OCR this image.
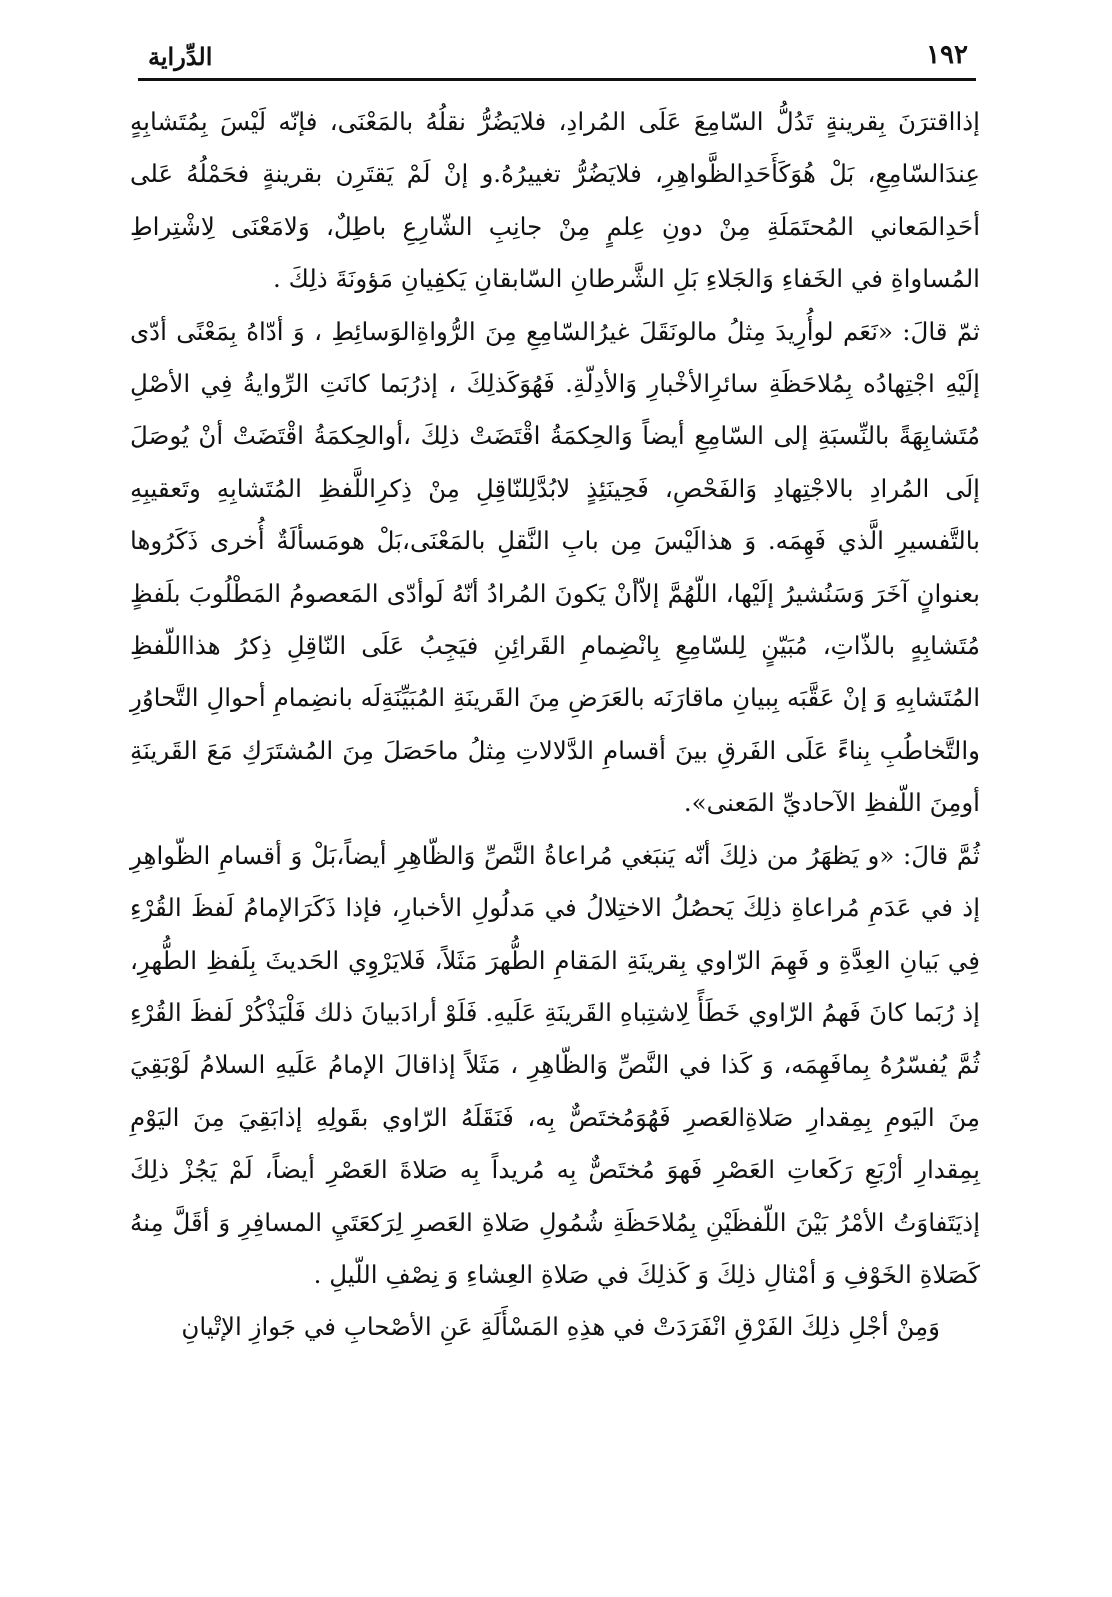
١٩٢
الدِّراية

إذااقترَنَ بِقرينةٍ تَدُلُّ السّامِعَ عَلَى المُرادِ، فلايَضُرُّ نقلُهُ بالمَعْنَى، فإنّه لَيْسَ بِمُتَشابِهٍ عِندَالسّامِعِ، بَلْ هُوَكَأَحَدِالظَّواهِرِ، فلايَضُرُّ تغييرُهُ.و إنْ لَمْ يَقتَرِن بقرينةٍ فحَمْلُهُ عَلى أحَدِالمَعاني المُحتَمَلَةِ مِنْ دونِ عِلمٍ مِنْ جانِبِ الشّارِعِ باطِلٌ، وَلامَعْنَى لِاشْتِراطِ المُساواةِ في الخَفاءِ وَالجَلاءِ بَلِ الشَّرطانِ السّابقانِ يَكفِيانِ مَؤونَةَ ذلِكَ .

ثمّ قالَ: «نَعَم لوأُرِيدَ مِثلُ مالونَقَلَ غيرُالسّامِعِ مِنَ الرُّواةِالوَسائِطِ ، وَ أدّاهُ بِمَعْنًى أدّى إلَيْهِ اجْتِهادُه بِمُلاحَظَةِ سائرِالأخْبارِ وَالأدِلّةِ. فَهُوَكَذلِكَ ، إذرُبَما كانَتِ الرِّوايةُ فِي الأصْلِ مُتَشابِهَةً بالنِّسبَةِ إلى السّامِعِ أيضاً وَالحِكمَةُ اقْتَضَتْ ذلِكَ ،أوالحِكمَةُ اقْتَضَتْ أنْ يُوصَلَ إلَى المُرادِ بالاجْتِهادِ وَالفَحْصِ، فَحِينَئِذٍ لابُدَّلِلنّاقِلِ مِنْ ذِكرِاللَّفظِ المُتَشابِهِ وتَعقيبِهِ بالتَّفسيرِ الَّذي فَهِمَه. وَ هذالَيْسَ مِن بابِ النَّقلِ بالمَعْنَى،بَلْ هومَسألَةٌ أُخرى ذَكَرُوها بعنوانٍ آخَرَ وَسَنُشيرُ إلَيْها، اللّهُمَّ إلاّأنْ يَكونَ المُرادُ أنّهُ لَوأدّى المَعصومُ المَطْلُوبَ بلَفظٍ مُتَشابِهٍ بالذّاتِ، مُبَيّنٍ لِلسّامِعِ بِانْضِمامِ القَرائِنِ فيَجِبُ عَلَى النّاقِلِ ذِكرُ هذااللّفظِ المُتَشابِهِ وَ إنْ عَقَّبَه بِبيانِ ماقارَنَه بالعَرَضِ مِنَ القَرينَةِ المُبَيِّنَةِلَه بانضِمامِ أحوالِ التَّحاوُرِ والتَّخاطُبِ بِناءً عَلَى الفَرقِ بينَ أقسامِ الدَّلالاتِ مِثلُ ماحَصَلَ مِنَ المُشتَرَكِ مَعَ القَرينَةِ أومِنَ اللّفظِ الآحاديِّ المَعنى».

ثُمَّ قالَ: «و يَظهَرُ من ذلِكَ أنّه يَنبَغي مُراعاةُ النَّصِّ وَالظّاهِرِ أيضاً،بَلْ وَ أقسامِ الظّواهِرِ إذ في عَدَمِ مُراعاةِ ذلِكَ يَحصُلُ الاختِلالُ في مَدلُولِ الأخبارِ، فإذا ذَكَرَالإمامُ لَفظَ القُرْءِ فِي بَيانِ العِدَّةِ و فَهِمَ الرّاوي بِقرينَةِ المَقامِ الطُّهرَ مَثَلاً، فَلايَرْوِي الحَديثَ بِلَفظِ الطُّهرِ، إذ رُبَما كانَ فَهمُ الرّاوي خَطَأً لِاشتِباهِ القَرينَةِ عَلَيهِ. فَلَوْ أرادَبيانَ ذلك فَلْيَذْكُرْ لَفظَ القُرْءِ ثُمَّ يُفسّرُهُ بِمافَهِمَه، وَ كَذا في النَّصِّ وَالظّاهِرِ ، مَثَلاً إذاقالَ الإمامُ عَلَيهِ السلامُ لَوْبَقِيَ مِنَ اليَومِ بِمِقدارِ صَلاةِالعَصرِ فَهُوَمُختَصٌّ بِه، فَنَقَلَهُ الرّاوي بقَولِهِ إذابَقِيَ مِنَ اليَوْمِ بِمِقدارِ أرْبَعِ رَكَعاتِ العَصْرِ فَهوَ مُختَصٌّ بِه مُريداً بِه صَلاةَ العَصْرِ أيضاً، لَمْ يَجُزْ ذلِكَ إذيَتَفاوَتُ الأمْرُ بَيْنَ اللّفظَيْنِ بِمُلاحَظَةِ شُمُولِ صَلاةِ العَصرِ لِرَكعَتَيِ المسافِرِ وَ أقَلَّ مِنهُ كَصَلاةِ الخَوْفِ وَ أمْثالِ ذلِكَ وَ كَذلِكَ في صَلاةِ العِشاءِ وَ نِصْفِ اللّيلِ .

وَمِنْ أجْلِ ذلِكَ الفَرْقِ انْفَرَدَتْ في هذِهِ المَسْأَلَةِ عَنِ الأصْحابِ في جَوازِ الإتْيانِ
